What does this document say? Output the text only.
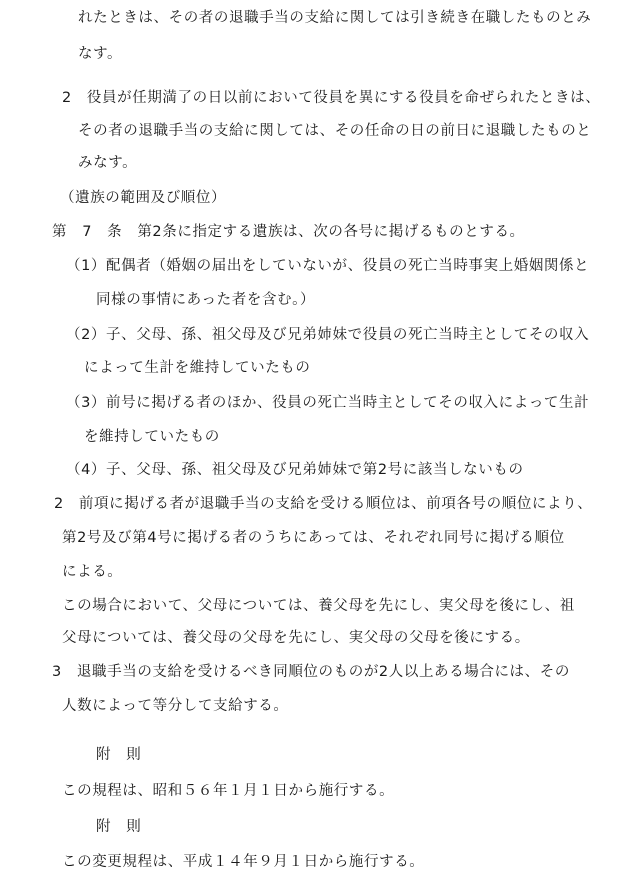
れたときは、その者の退職手当の支給に関しては引き続き在職したものとみ
なす。
2　役員が任期満了の日以前において役員を異にする役員を命ぜられたときは、
その者の退職手当の支給に関しては、その任命の日の前日に退職したものと
みなす。
（遺族の範囲及び順位）
第　7　条　第2条に指定する遺族は、次の各号に掲げるものとする。
（1）配偶者（婚姻の届出をしていないが、役員の死亡当時事実上婚姻関係と
同様の事情にあった者を含む。）
（2）子、父母、孫、祖父母及び兄弟姉妹で役員の死亡当時主としてその収入
によって生計を維持していたもの
（3）前号に掲げる者のほか、役員の死亡当時主としてその収入によって生計
を維持していたもの
（4）子、父母、孫、祖父母及び兄弟姉妹で第2号に該当しないもの
2　前項に掲げる者が退職手当の支給を受ける順位は、前項各号の順位により、
第2号及び第4号に掲げる者のうちにあっては、それぞれ同号に掲げる順位
による。
この場合において、父母については、養父母を先にし、実父母を後にし、祖
父母については、養父母の父母を先にし、実父母の父母を後にする。
3　退職手当の支給を受けるべき同順位のものが2人以上ある場合には、その
人数によって等分して支給する。
附　則
この規程は、昭和５６年１月１日から施行する。
附　則
この変更規程は、平成１４年９月１日から施行する。
